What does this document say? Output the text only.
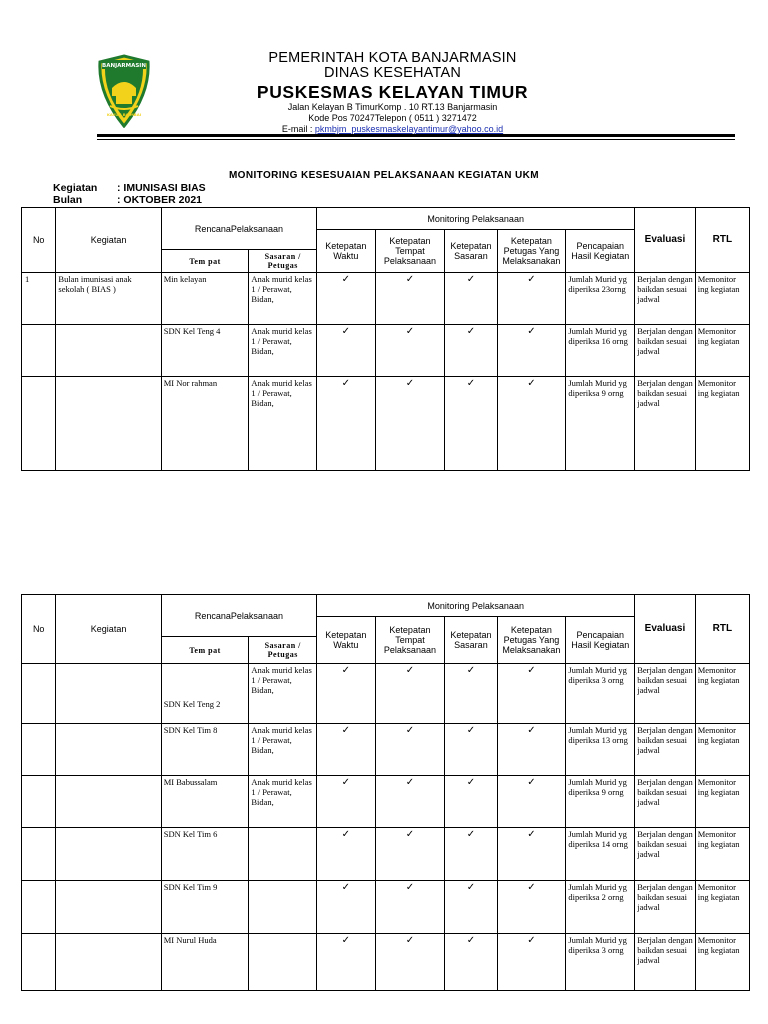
BANJARMASIN
KAYUH BAIMBAI
PEMERINTAH KOTA BANJARMASIN
DINAS KESEHATAN
PUSKESMAS KELAYAN TIMUR
Jalan Kelayan B TimurKomp . 10 RT.13 Banjarmasin
Kode Pos 70247Telepon ( 0511 ) 3271472
E-mail : pkmbjm_puskesmaskelayantimur@yahoo.co.id
MONITORING KESESUAIAN PELAKSANAAN KEGIATAN UKM
Kegiatan : IMUNISASI BIAS
Bulan	: OKTOBER 2021
No	Kegiatan	RencanaPelaksanaan		Monitoring Pelaksanaan					Evaluasi	RTL
				Ketepatan Waktu	Ketepatan Tempat Pelaksanaan	Ketepatan Sasaran	Ketepatan Petugas Yang Melaksanakan	Pencapaian Hasil Kegiatan		
		Tem pat	Sasaran / Petugas							
1	Bulan imunisasi anak sekolah ( BIAS )	Min kelayan	Anak murid kelas 1 / Perawat, Bidan,	✓	✓	✓	✓	Jumlah Murid yg diperiksa 23orng	Berjalan dengan baikdan sesuai jadwal	Memonitor ing kegiatan
		SDN Kel Teng 4	Anak murid kelas 1 / Perawat, Bidan,	✓	✓	✓	✓	Jumlah Murid yg diperiksa 16 orng	Berjalan dengan baikdan sesuai jadwal	Memonitor ing kegiatan
		MI Nor rahman	Anak murid kelas 1 / Perawat, Bidan,	✓	✓	✓	✓	Jumlah Murid yg diperiksa 9 orng	Berjalan dengan baikdan sesuai jadwal	Memonitor ing kegiatan
No	Kegiatan	RencanaPelaksanaan		Monitoring Pelaksanaan					Evaluasi	RTL
				Ketepatan Waktu	Ketepatan Tempat Pelaksanaan	Ketepatan Sasaran	Ketepatan Petugas Yang Melaksanakan	Pencapaian Hasil Kegiatan		
		Tem pat	Sasaran / Petugas							
		SDN Kel Teng 2	Anak murid kelas 1 / Perawat, Bidan,	✓	✓	✓	✓	Jumlah Murid yg diperiksa 3 orng	Berjalan dengan baikdan sesuai jadwal	Memonitor ing kegiatan
		SDN Kel Tim 8	Anak murid kelas 1 / Perawat, Bidan,	✓	✓	✓	✓	Jumlah Murid yg diperiksa 13 orng	Berjalan dengan baikdan sesuai jadwal	Memonitor ing kegiatan
		MI Babussalam	Anak murid kelas 1 / Perawat, Bidan,	✓	✓	✓	✓	Jumlah Murid yg diperiksa 9 orng	Berjalan dengan baikdan sesuai jadwal	Memonitor ing kegiatan
		SDN Kel Tim 6		✓	✓	✓	✓	Jumlah Murid yg diperiksa 14 orng	Berjalan dengan baikdan sesuai jadwal	Memonitor ing kegiatan
		SDN Kel Tim 9		✓	✓	✓	✓	Jumlah Murid yg diperiksa 2 orng	Berjalan dengan baikdan sesuai jadwal	Memonitor ing kegiatan
		MI Nurul Huda		✓	✓	✓	✓	Jumlah Murid yg diperiksa 3 orng	Berjalan dengan baikdan sesuai jadwal	Memonitor ing kegiatan
